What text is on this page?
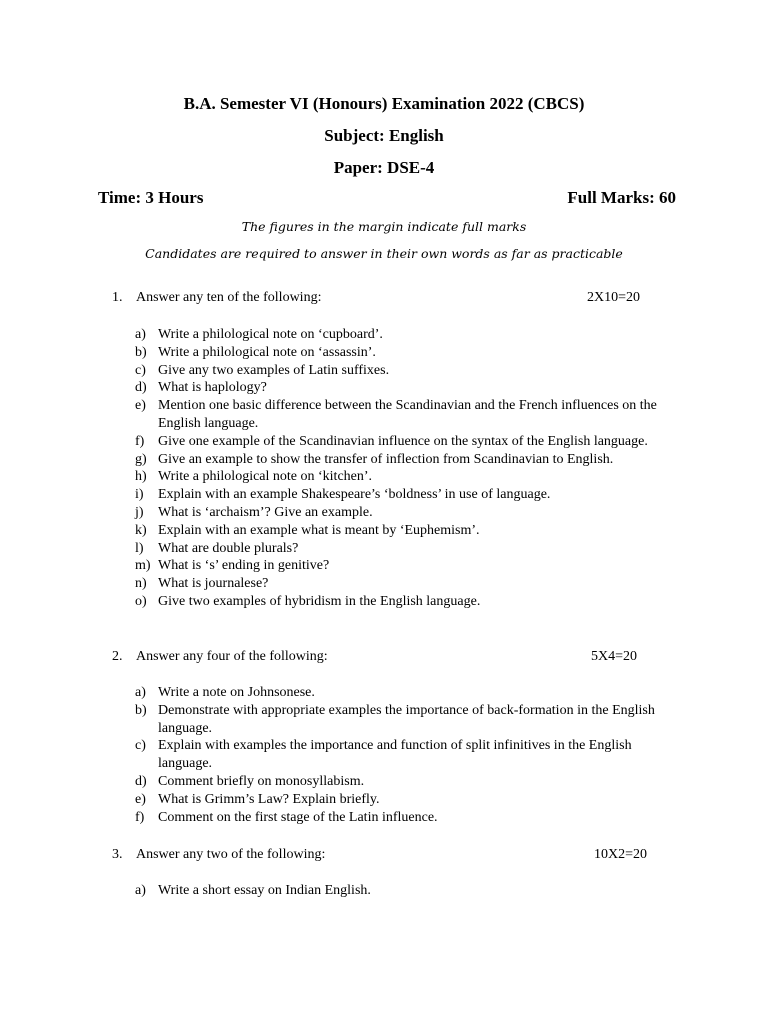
B.A. Semester VI (Honours) Examination 2022 (CBCS)
Subject: English
Paper: DSE-4
Time: 3 Hours	Full Marks: 60
The figures in the margin indicate full marks
Candidates are required to answer in their own words as far as practicable
1. Answer any ten of the following:	2X10=20
a) Write a philological note on ‘cupboard’.
b) Write a philological note on ‘assassin’.
c) Give any two examples of Latin suffixes.
d) What is haplology?
e) Mention one basic difference between the Scandinavian and the French influences on the English language.
f) Give one example of the Scandinavian influence on the syntax of the English language.
g) Give an example to show the transfer of inflection from Scandinavian to English.
h) Write a philological note on ‘kitchen’.
i) Explain with an example Shakespeare’s ‘boldness’ in use of language.
j) What is ‘archaism’? Give an example.
k) Explain with an example what is meant by ‘Euphemism’.
l) What are double plurals?
m) What is ‘s’ ending in genitive?
n) What is journalese?
o) Give two examples of hybridism in the English language.
2. Answer any four of the following:	5X4=20
a) Write a note on Johnsonese.
b) Demonstrate with appropriate examples the importance of back-formation in the English language.
c) Explain with examples the importance and function of split infinitives in the English language.
d) Comment briefly on monosyllabism.
e) What is Grimm’s Law? Explain briefly.
f) Comment on the first stage of the Latin influence.
3. Answer any two of the following:	10X2=20
a) Write a short essay on Indian English.
